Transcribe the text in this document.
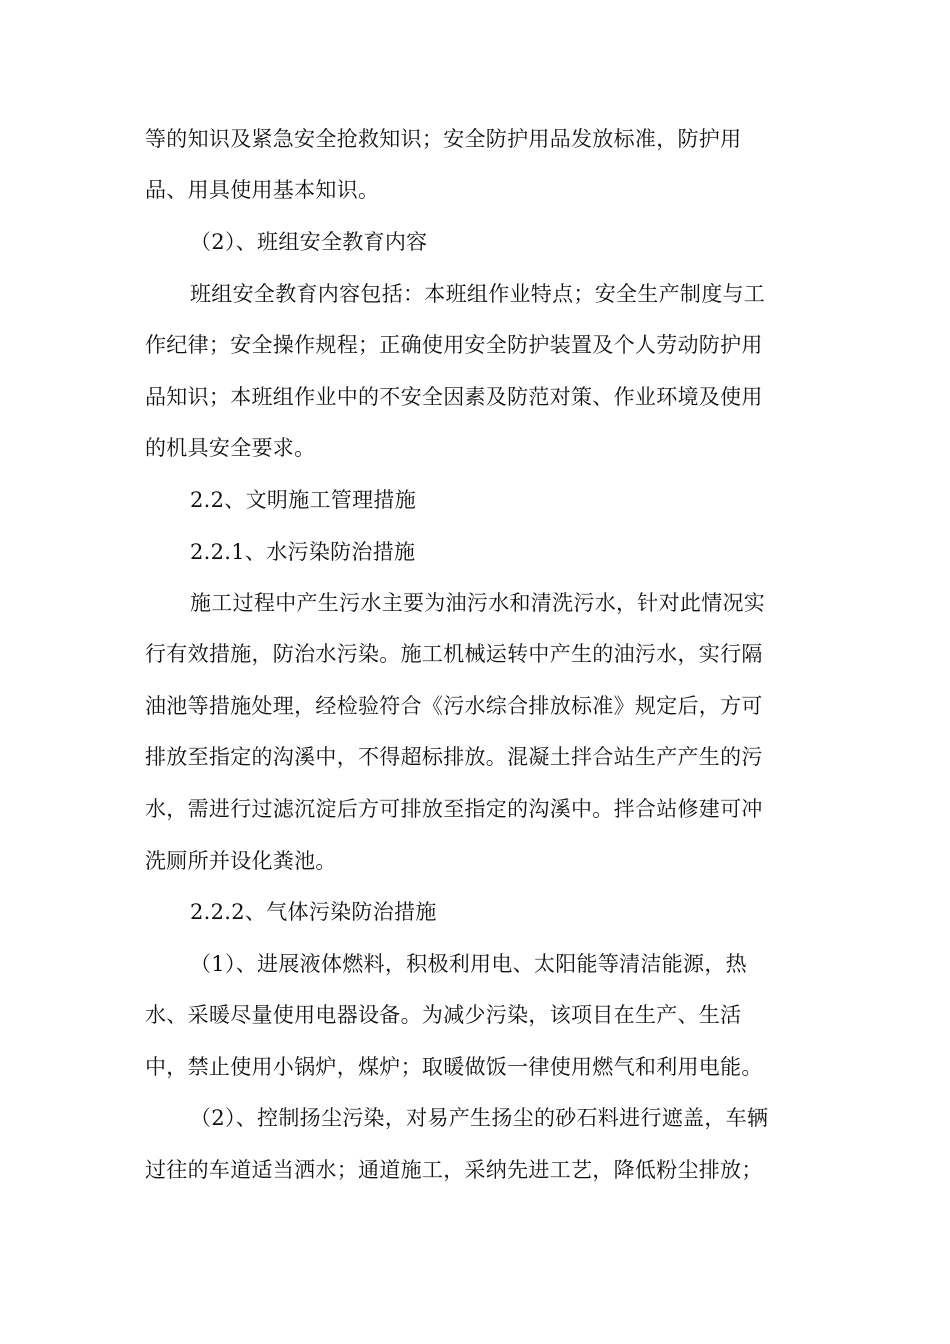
等的知识及紧急安全抢救知识；安全防护用品发放标准，防护用
品、用具使用基本知识。
（2）、班组安全教育内容
班组安全教育内容包括：本班组作业特点；安全生产制度与工
作纪律；安全操作规程；正确使用安全防护装置及个人劳动防护用
品知识；本班组作业中的不安全因素及防范对策、作业环境及使用
的机具安全要求。
2.2、文明施工管理措施
2.2.1、水污染防治措施
施工过程中产生污水主要为油污水和清洗污水，针对此情况实
行有效措施，防治水污染。施工机械运转中产生的油污水，实行隔
油池等措施处理，经检验符合《污水综合排放标准》规定后，方可
排放至指定的沟溪中，不得超标排放。混凝土拌合站生产产生的污
水，需进行过滤沉淀后方可排放至指定的沟溪中。拌合站修建可冲
洗厕所并设化粪池。
2.2.2、气体污染防治措施
（1）、进展液体燃料，积极利用电、太阳能等清洁能源，热
水、采暖尽量使用电器设备。为减少污染，该项目在生产、生活
中，禁止使用小锅炉，煤炉；取暖做饭一律使用燃气和利用电能。
（2）、控制扬尘污染，对易产生扬尘的砂石料进行遮盖，车辆
过往的车道适当洒水；通道施工，采纳先进工艺，降低粉尘排放；
